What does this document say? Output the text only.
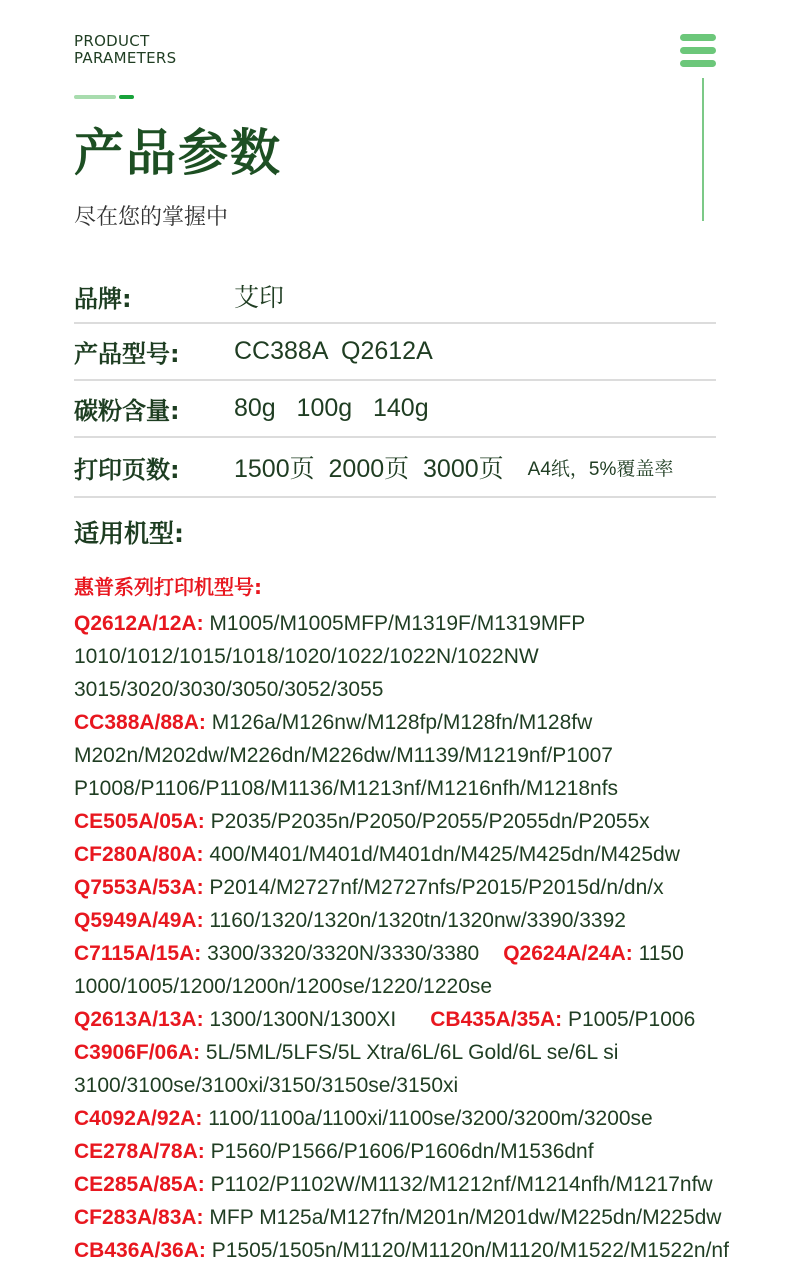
PRODUCT
PARAMETERS
产品参数
尽在您的掌握中
品牌:	艾印
产品型号:	CC388A  Q2612A
碳粉含量:	80g   100g   140g
打印页数:	1500页  2000页  3000页 A4纸，5%覆盖率
适用机型:
惠普系列打印机型号:
Q2612A/12A: M1005/M1005MFP/M1319F/M1319MFP
1010/1012/1015/1018/1020/1022/1022N/1022NW
3015/3020/3030/3050/3052/3055
CC388A/88A: M126a/M126nw/M128fp/M128fn/M128fw
M202n/M202dw/M226dn/M226dw/M1139/M1219nf/P1007
P1008/P1106/P1108/M1136/M1213nf/M1216nfh/M1218nfs
CE505A/05A: P2035/P2035n/P2050/P2055/P2055dn/P2055x
CF280A/80A: 400/M401/M401d/M401dn/M425/M425dn/M425dw
Q7553A/53A: P2014/M2727nf/M2727nfs/P2015/P2015d/n/dn/x
Q5949A/49A: 1160/1320/1320n/1320tn/1320nw/3390/3392
C7115A/15A: 3300/3320/3320N/3330/3380 Q2624A/24A: 1150
1000/1005/1200/1200n/1200se/1220/1220se
Q2613A/13A: 1300/1300N/1300XI CB435A/35A: P1005/P1006
C3906F/06A: 5L/5ML/5LFS/5L Xtra/6L/6L Gold/6L se/6L si
3100/3100se/3100xi/3150/3150se/3150xi
C4092A/92A: 1100/1100a/1100xi/1100se/3200/3200m/3200se
CE278A/78A: P1560/P1566/P1606/P1606dn/M1536dnf
CE285A/85A: P1102/P1102W/M1132/M1212nf/M1214nfh/M1217nfw
CF283A/83A: MFP M125a/M127fn/M201n/M201dw/M225dn/M225dw
CB436A/36A: P1505/1505n/M1120/M1120n/M1120/M1522/M1522n/nf
